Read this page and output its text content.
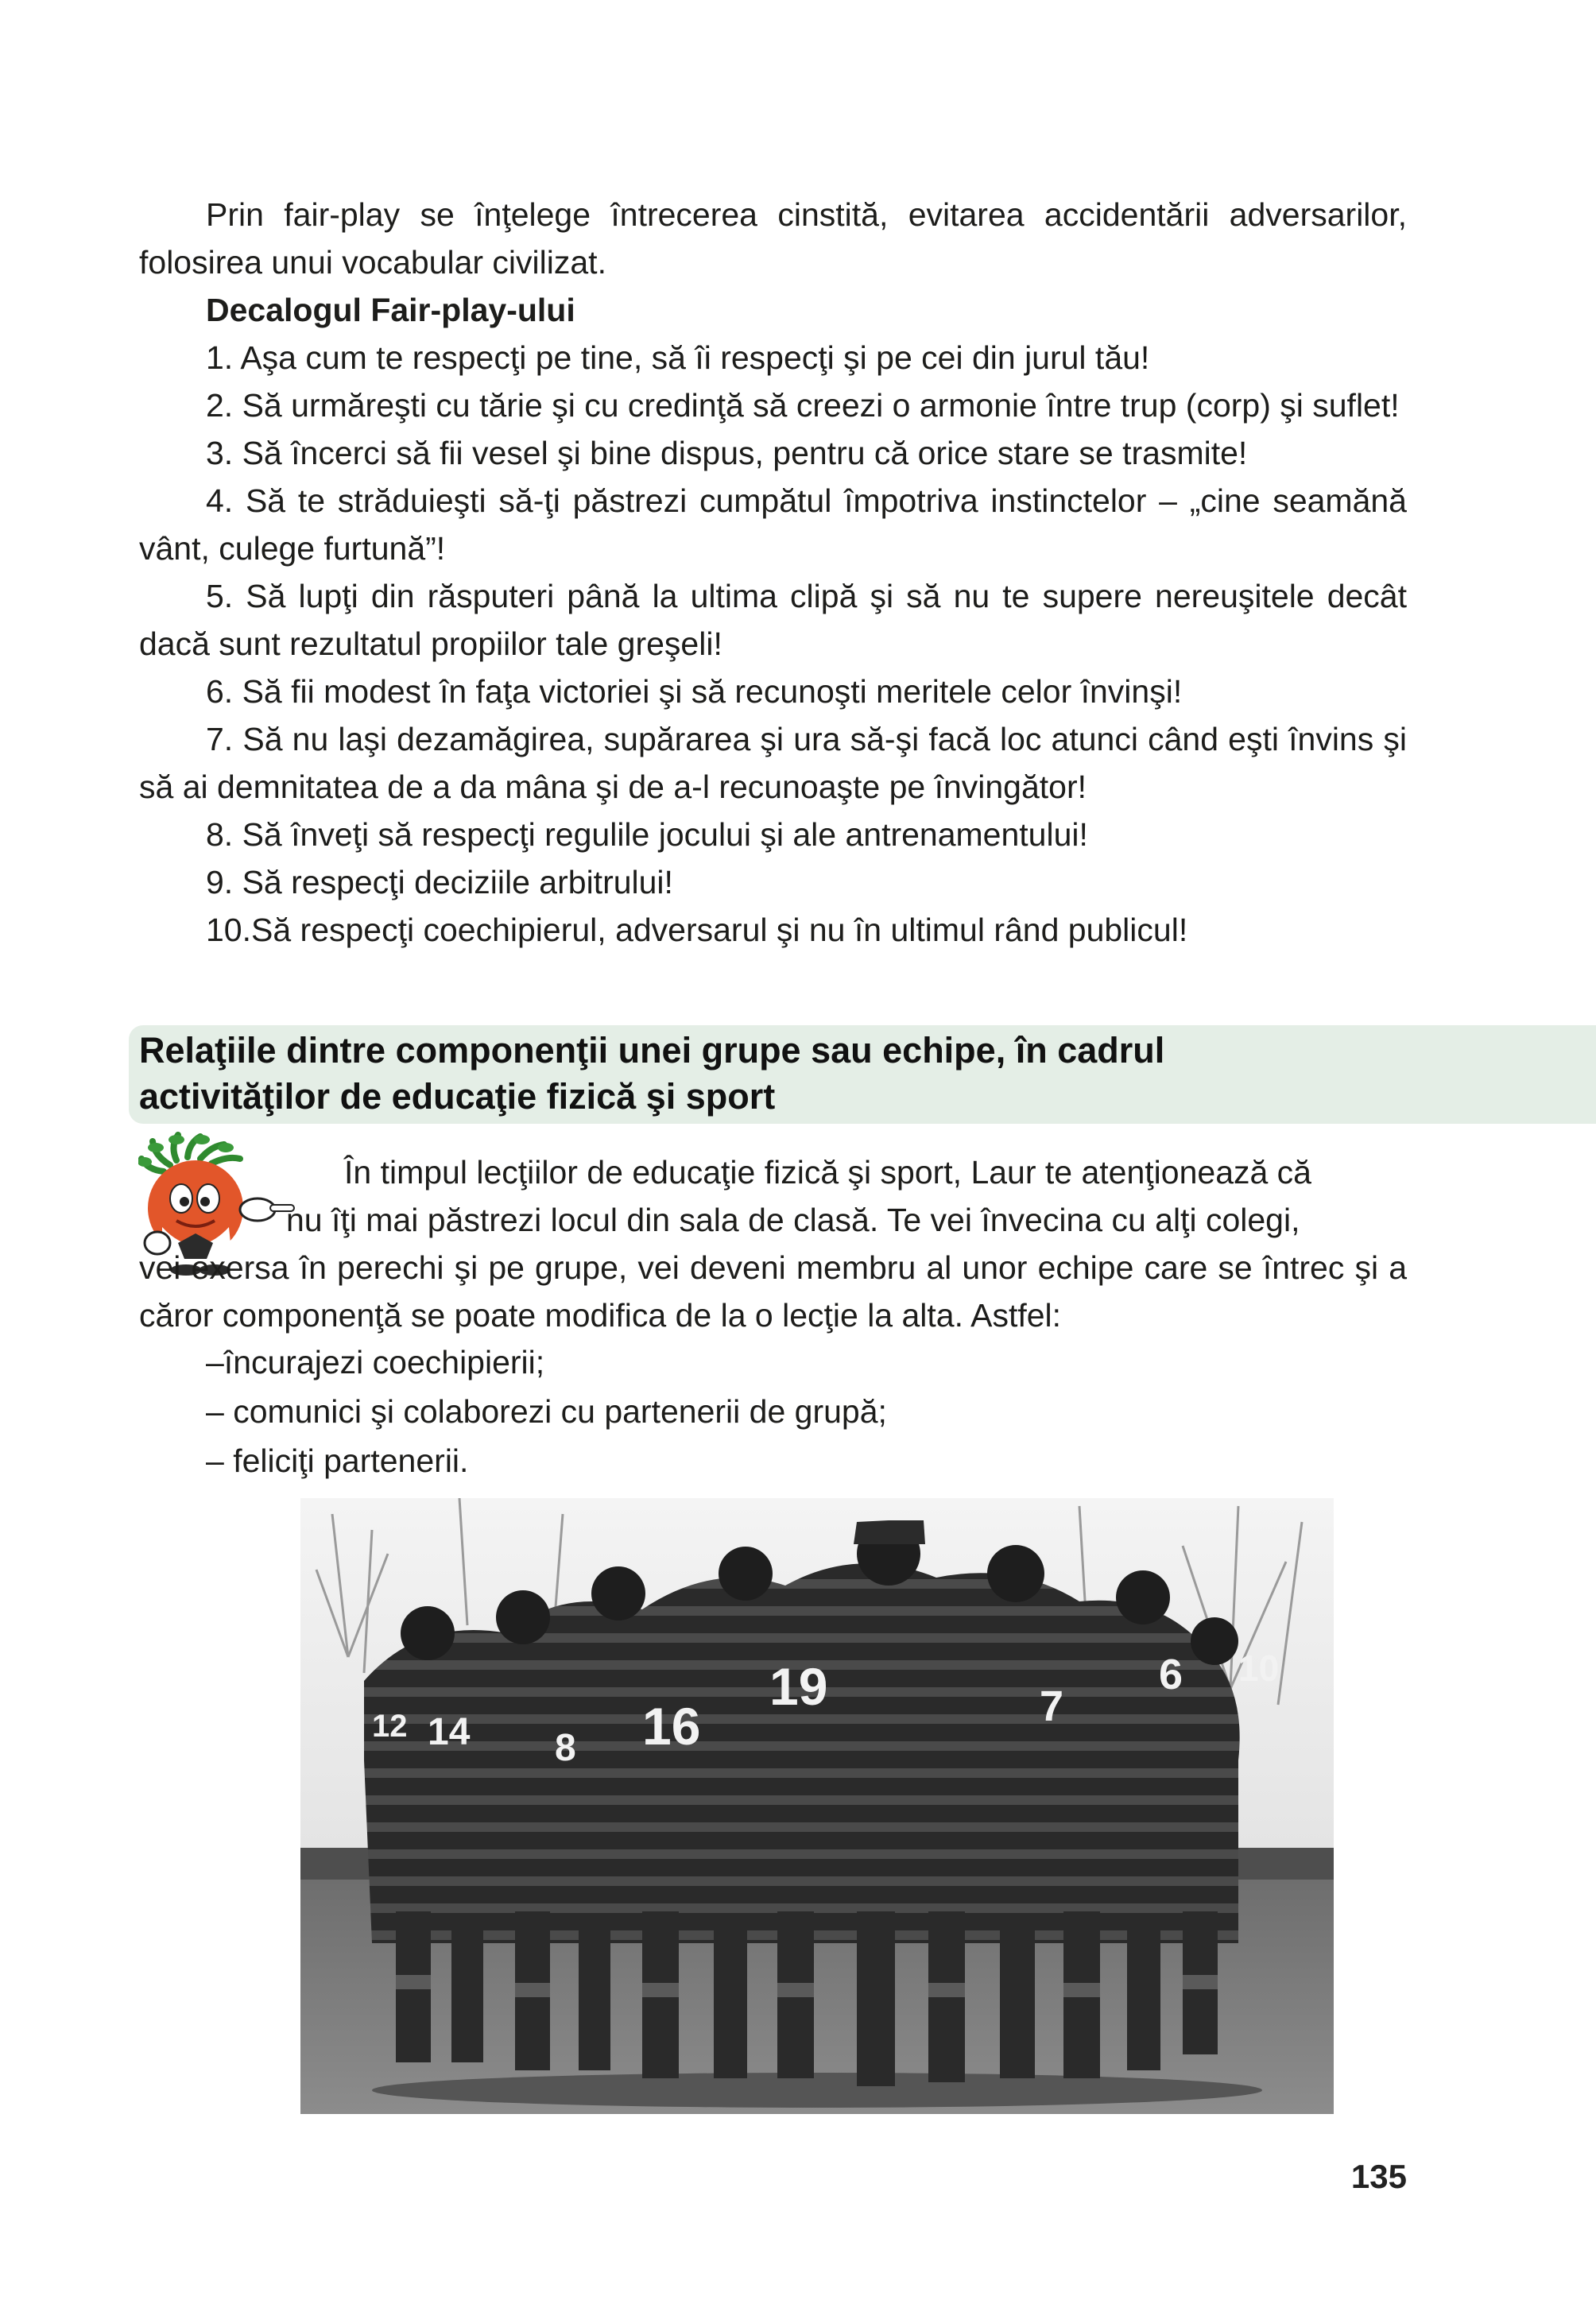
Prin fair-play se înţelege întrecerea cinstită, evitarea accidentării adversarilor, folosirea unui vocabular civilizat.

Decalogul Fair-play-ului

1. Aşa cum te respecţi pe tine, să îi respecţi şi pe cei din jurul tău!

2. Să urmăreşti cu tărie şi cu credinţă să creezi o armonie între trup (corp) şi suflet!

3. Să încerci să fii vesel şi bine dispus, pentru că orice stare se trasmite!

4. Să te străduieşti să-ţi păstrezi cumpătul împotriva instinctelor – „cine seamănă vânt, culege furtună”!

5. Să lupţi din răsputeri până la ultima clipă şi să nu te supere nereuşitele decât dacă sunt rezultatul propiilor tale greşeli!

6. Să fii modest în faţa victoriei şi să recunoşti meritele celor învinşi!

7. Să nu laşi dezamăgirea, supărarea şi ura să-şi facă loc atunci când eşti învins şi să ai demnitatea de a da mâna şi de a-l recunoaşte pe învingător!

8. Să înveţi să respecţi regulile jocului şi ale antrenamentului!

9. Să respecţi deciziile arbitrului!

10.Să respecţi coechipierul, adversarul şi nu în ultimul rând publicul!

Relaţiile dintre componenţii unei grupe sau echipe, în cadrul
activităţilor de educaţie fizică şi sport

În timpul lecţiilor de educaţie fizică şi sport, Laur te atenţionează că

nu îţi mai păstrezi locul din sala de clasă. Te vei învecina cu alţi colegi,

vei exersa în perechi şi pe grupe, vei deveni membru al unor echipe care se întrec şi a căror componenţă se poate modifica de la o lecţie la alta. Astfel:

–încurajezi coechipierii;
– comunici şi colaborezi cu partenerii de grupă;
– feliciţi partenerii.
12 14 8 16
19	7
6 10
135
